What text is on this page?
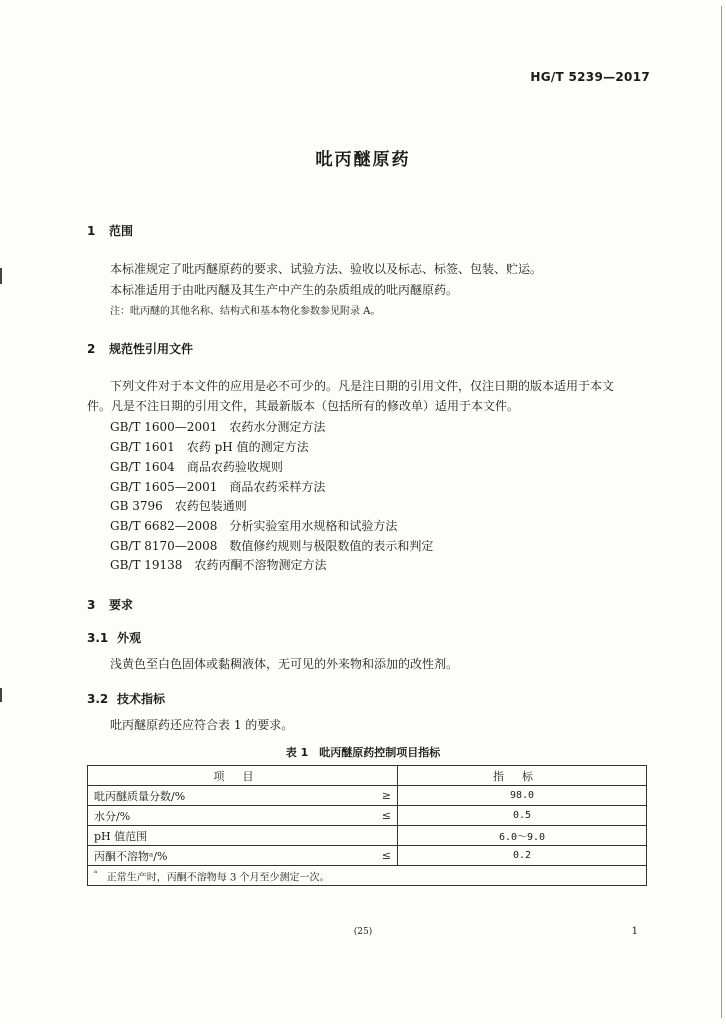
HG/T 5239—2017
吡丙醚原药
1 范围
本标准规定了吡丙醚原药的要求、试验方法、验收以及标志、标签、包装、贮运。
本标准适用于由吡丙醚及其生产中产生的杂质组成的吡丙醚原药。
注：吡丙醚的其他名称、结构式和基本物化参数参见附录 A。
2 规范性引用文件
下列文件对于本文件的应用是必不可少的。凡是注日期的引用文件，仅注日期的版本适用于本文
件。凡是不注日期的引用文件，其最新版本（包括所有的修改单）适用于本文件。
GB/T 1600—2001 农药水分测定方法
GB/T 1601 农药 pH 值的测定方法
GB/T 1604 商品农药验收规则
GB/T 1605—2001 商品农药采样方法
GB 3796 农药包装通则
GB/T 6682—2008 分析实验室用水规格和试验方法
GB/T 8170—2008 数值修约规则与极限数值的表示和判定
GB/T 19138 农药丙酮不溶物测定方法
3 要求
3.1 外观
浅黄色至白色固体或黏稠液体，无可见的外来物和添加的改性剂。
3.2 技术指标
吡丙醚原药还应符合表 1 的要求。
表 1　吡丙醚原药控制项目指标
项目	指标

吡丙醚质量分数/% ≥	98.0

水分/% ≤	0.5

pH 值范围	6.0～9.0

丙酮不溶物ᵃ/% ≤	0.2
$^ᵃ$ 正常生产时，丙酮不溶物每 3 个月至少测定一次。	
(25)	1
